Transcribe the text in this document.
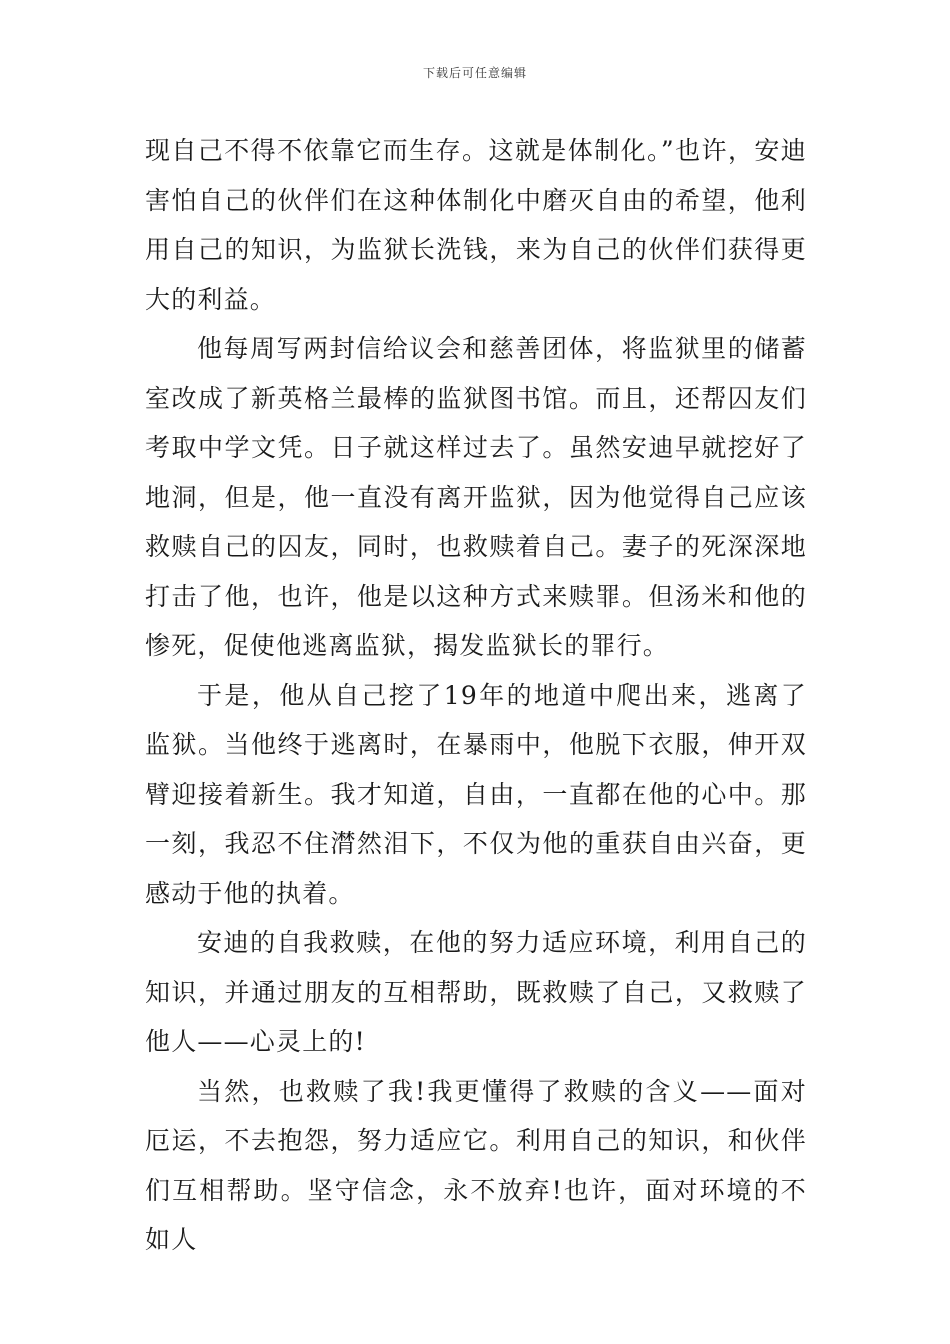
下载后可任意编辑

现自己不得不依靠它而生存。这就是体制化。”也许，安迪害怕自己的伙伴们在这种体制化中磨灭自由的希望，他利用自己的知识，为监狱长洗钱，来为自己的伙伴们获得更大的利益。

他每周写两封信给议会和慈善团体，将监狱里的储蓄室改成了新英格兰最棒的监狱图书馆。而且，还帮囚友们考取中学文凭。日子就这样过去了。虽然安迪早就挖好了地洞，但是，他一直没有离开监狱，因为他觉得自己应该救赎自己的囚友，同时，也救赎着自己。妻子的死深深地打击了他，也许，他是以这种方式来赎罪。但汤米和他的惨死，促使他逃离监狱，揭发监狱长的罪行。

于是，他从自己挖了19年的地道中爬出来，逃离了监狱。当他终于逃离时，在暴雨中，他脱下衣服，伸开双臂迎接着新生。我才知道，自由，一直都在他的心中。那一刻，我忍不住潸然泪下，不仅为他的重获自由兴奋，更感动于他的执着。

安迪的自我救赎，在他的努力适应环境，利用自己的知识，并通过朋友的互相帮助，既救赎了自己，又救赎了他人——心灵上的!

当然，也救赎了我!我更懂得了救赎的含义——面对厄运，不去抱怨，努力适应它。利用自己的知识，和伙伴们互相帮助。坚守信念，永不放弃!也许，面对环境的不如人
